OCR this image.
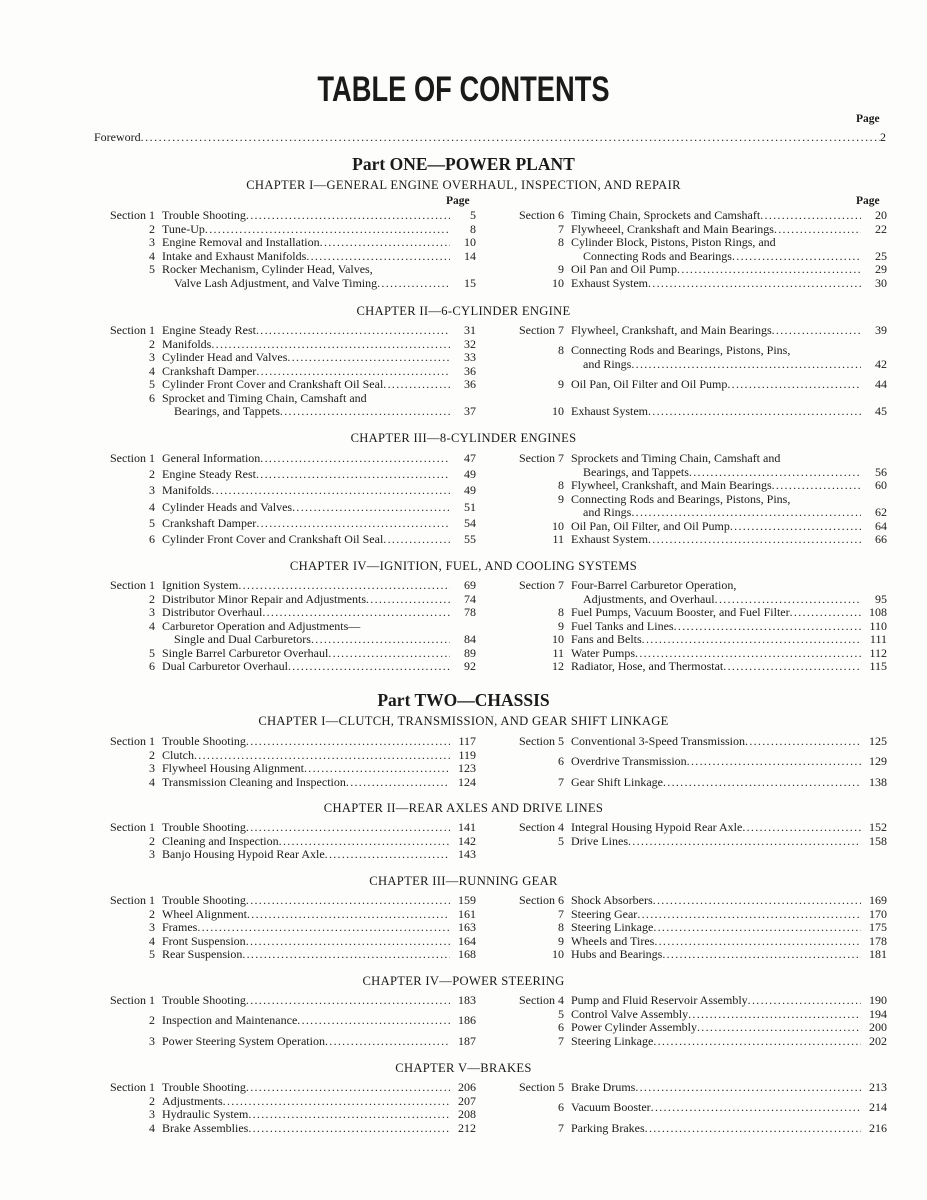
TABLE OF CONTENTS
Page
Foreword .....	2
Part ONE—POWER PLANT
Part TWO—CHASSIS
Page	Page
CHAPTER I—GENERAL ENGINE OVERHAUL, INSPECTION, AND REPAIR
Section 1 Trouble Shooting .....	5
2 Tune-Up .....	8
3 Engine Removal and Installation .....	10
4 Intake and Exhaust Manifolds .....	14
5 Rocker Mechanism, Cylinder Head, Valves,
Valve Lash Adjustment, and Valve Timing .....	15
Section 6 Timing Chain, Sprockets and Camshaft .....	20
7 Flywheeel, Crankshaft and Main Bearings .....	22
8 Cylinder Block, Pistons, Piston Rings, and
Connecting Rods and Bearings .....	25
9 Oil Pan and Oil Pump .....	29
10 Exhaust System .....	30
CHAPTER II—6-CYLINDER ENGINE
Section 1 Engine Steady Rest .....	31
2 Manifolds .....	32
3 Cylinder Head and Valves .....	33
4 Crankshaft Damper .....	36
5 Cylinder Front Cover and Crankshaft Oil Seal .....	36
6 Sprocket and Timing Chain, Camshaft and
Bearings, and Tappets .....	37
Section 7 Flywheel, Crankshaft, and Main Bearings .....	39
8 Connecting Rods and Bearings, Pistons, Pins,
and Rings .....	42
9 Oil Pan, Oil Filter and Oil Pump .....	44
10 Exhaust System .....	45
CHAPTER III—8-CYLINDER ENGINES
Section 1 General Information .....	47
2 Engine Steady Rest .....	49
3 Manifolds .....	49
4 Cylinder Heads and Valves .....	51
5 Crankshaft Damper .....	54
6 Cylinder Front Cover and Crankshaft Oil Seal .....	55
Section 7 Sprockets and Timing Chain, Camshaft and
Bearings, and Tappets .....	56
8 Flywheel, Crankshaft, and Main Bearings .....	60
9 Connecting Rods and Bearings, Pistons, Pins,
and Rings .....	62
10 Oil Pan, Oil Filter, and Oil Pump .....	64
11 Exhaust System .....	66
CHAPTER IV—IGNITION, FUEL, AND COOLING SYSTEMS
Section 1 Ignition System .....	69
2 Distributor Minor Repair and Adjustments .....	74
3 Distributor Overhaul .....	78
4 Carburetor Operation and Adjustments—
Single and Dual Carburetors .....	84
5 Single Barrel Carburetor Overhaul .....	89
6 Dual Carburetor Overhaul .....	92
Section 7 Four-Barrel Carburetor Operation,
Adjustments, and Overhaul .....	95
8 Fuel Pumps, Vacuum Booster, and Fuel Filter .....	108
9 Fuel Tanks and Lines .....	110
10 Fans and Belts .....	111
11 Water Pumps .....	112
12 Radiator, Hose, and Thermostat .....	115
CHAPTER I—CLUTCH, TRANSMISSION, AND GEAR SHIFT LINKAGE
Section 1 Trouble Shooting .....	117
2 Clutch .....	119
3 Flywheel Housing Alignment .....	123
4 Transmission Cleaning and Inspection .....	124
Section 5 Conventional 3-Speed Transmission .....	125
6 Overdrive Transmission .....	129
7 Gear Shift Linkage .....	138
CHAPTER II—REAR AXLES AND DRIVE LINES
Section 1 Trouble Shooting .....	141
2 Cleaning and Inspection .....	142
3 Banjo Housing Hypoid Rear Axle .....	143
Section 4 Integral Housing Hypoid Rear Axle .....	152
5 Drive Lines .....	158
CHAPTER III—RUNNING GEAR
Section 1 Trouble Shooting .....	159
2 Wheel Alignment .....	161
3 Frames .....	163
4 Front Suspension .....	164
5 Rear Suspension .....	168
Section 6 Shock Absorbers .....	169
7 Steering Gear .....	170
8 Steering Linkage .....	175
9 Wheels and Tires .....	178
10 Hubs and Bearings .....	181
CHAPTER IV—POWER STEERING
Section 1 Trouble Shooting .....	183
2 Inspection and Maintenance .....	186
3 Power Steering System Operation .....	187
Section 4 Pump and Fluid Reservoir Assembly .....	190
5 Control Valve Assembly .....	194
6 Power Cylinder Assembly .....	200
7 Steering Linkage .....	202
CHAPTER V—BRAKES
Section 1 Trouble Shooting .....	206
2 Adjustments .....	207
3 Hydraulic System .....	208
4 Brake Assemblies .....	212
Section 5 Brake Drums .....	213
6 Vacuum Booster .....	214
7 Parking Brakes .....	216
